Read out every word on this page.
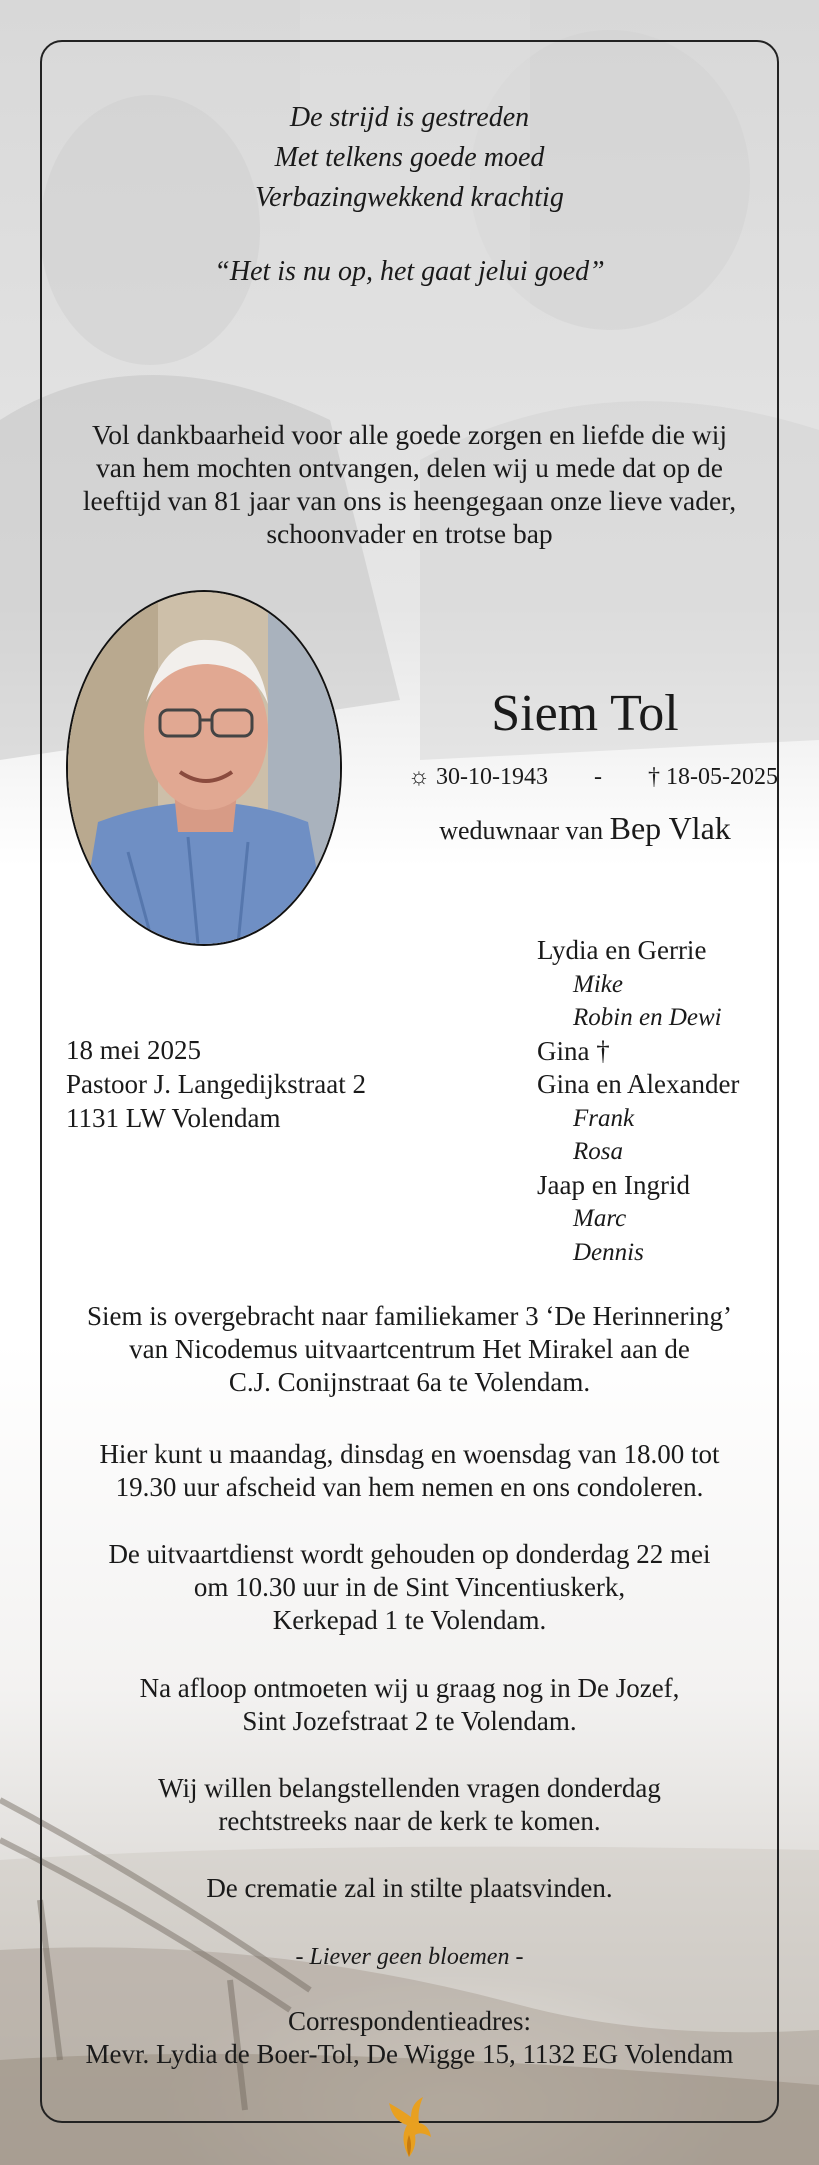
De strijd is gestreden
Met telkens goede moed
Verbazingwekkend krachtig
“Het is nu op, het gaat jelui goed”
Vol dankbaarheid voor alle goede zorgen en liefde die wij
van hem mochten ontvangen, delen wij u mede dat op de
leeftijd van 81 jaar van ons is heengegaan onze lieve vader,
schoonvader en trotse bap
Siem Tol
☼ 30-10-1943	-	† 18-05-2025
weduwnaar van Bep Vlak
18 mei 2025
Pastoor J. Langedijkstraat 2
1131 LW Volendam
Lydia en Gerrie
Mike
Robin en Dewi
Gina †
Gina en Alexander
Frank
Rosa
Jaap en Ingrid
Marc
Dennis
Siem is overgebracht naar familiekamer 3 ‘De Herinnering’
van Nicodemus uitvaartcentrum Het Mirakel aan de
C.J. Conijnstraat 6a te Volendam.
Hier kunt u maandag, dinsdag en woensdag van 18.00 tot
19.30 uur afscheid van hem nemen en ons condoleren.
De uitvaartdienst wordt gehouden op donderdag 22 mei
om 10.30 uur in de Sint Vincentiuskerk,
Kerkepad 1 te Volendam.
Na afloop ontmoeten wij u graag nog in De Jozef,
Sint Jozefstraat 2 te Volendam.
Wij willen belangstellenden vragen donderdag
rechtstreeks naar de kerk te komen.
De crematie zal in stilte plaatsvinden.
- Liever geen bloemen -
Correspondentieadres:
Mevr. Lydia de Boer-Tol, De Wigge 15, 1132 EG Volendam
